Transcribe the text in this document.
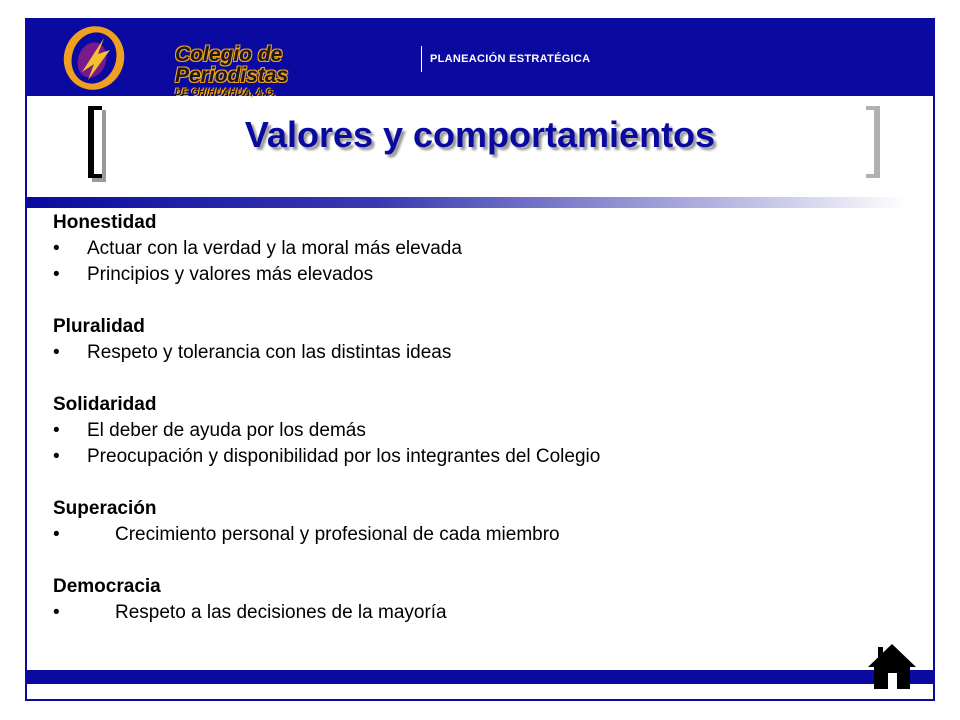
Colegio de
Periodistas
DE CHIHUAHUA, A.C.
PLANEACIÓN ESTRATÉGICA
Valores y comportamientos
Honestidad
•	Actuar con la verdad y la moral más elevada
•	Principios y valores más elevados
Pluralidad
•	Respeto y tolerancia con las distintas ideas
Solidaridad
•	El deber de ayuda por los demás
•	Preocupación y disponibilidad por los integrantes del Colegio
Superación
•	Crecimiento personal y profesional de cada miembro
Democracia
•	Respeto a las decisiones de la mayoría
